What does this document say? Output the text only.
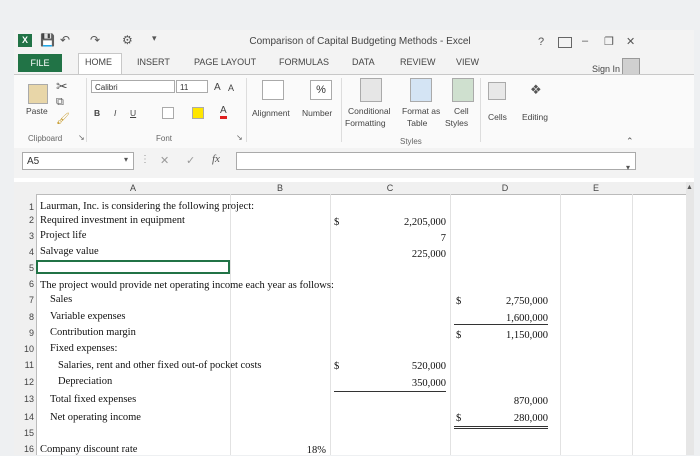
X	💾 ↶ ↷ ⚙ ▾	Comparison of Capital Budgeting Methods - Excel	?	– ❐ ✕
FILE	HOME	INSERT	PAGE LAYOUT	FORMULAS	DATA	REVIEW VIEW
Sign In
✂
⧉
🖌
Paste
Clipboard ↘
Calibri	11	A A
B I U	A
Font	↘
Alignment
%
Number Conditional
Formatting
Format as
Table
Cell
Styles
Styles
Cells
❖
Editing
⌃
A5	▾ ⋮ ✕ ✓ fx
▾
A	B	C	D	E	▲
1
2
3
4
5
6
7
8
9
10
11
12
13
14
15
16
Laurman, Inc. is considering the following project:
Required investment in equipment	$	2,205,000
Project life	7
Salvage value	225,000
The project would provide net operating income each year as follows:
Sales	$	2,750,000
Variable expenses	1,600,000
Contribution margin	$	1,150,000
Fixed expenses:
Salaries, rent and other fixed out-of pocket costs	$	520,000
Depreciation	350,000
Total fixed expenses	870,000
Net operating income	$	280,000
Company discount rate	18%
